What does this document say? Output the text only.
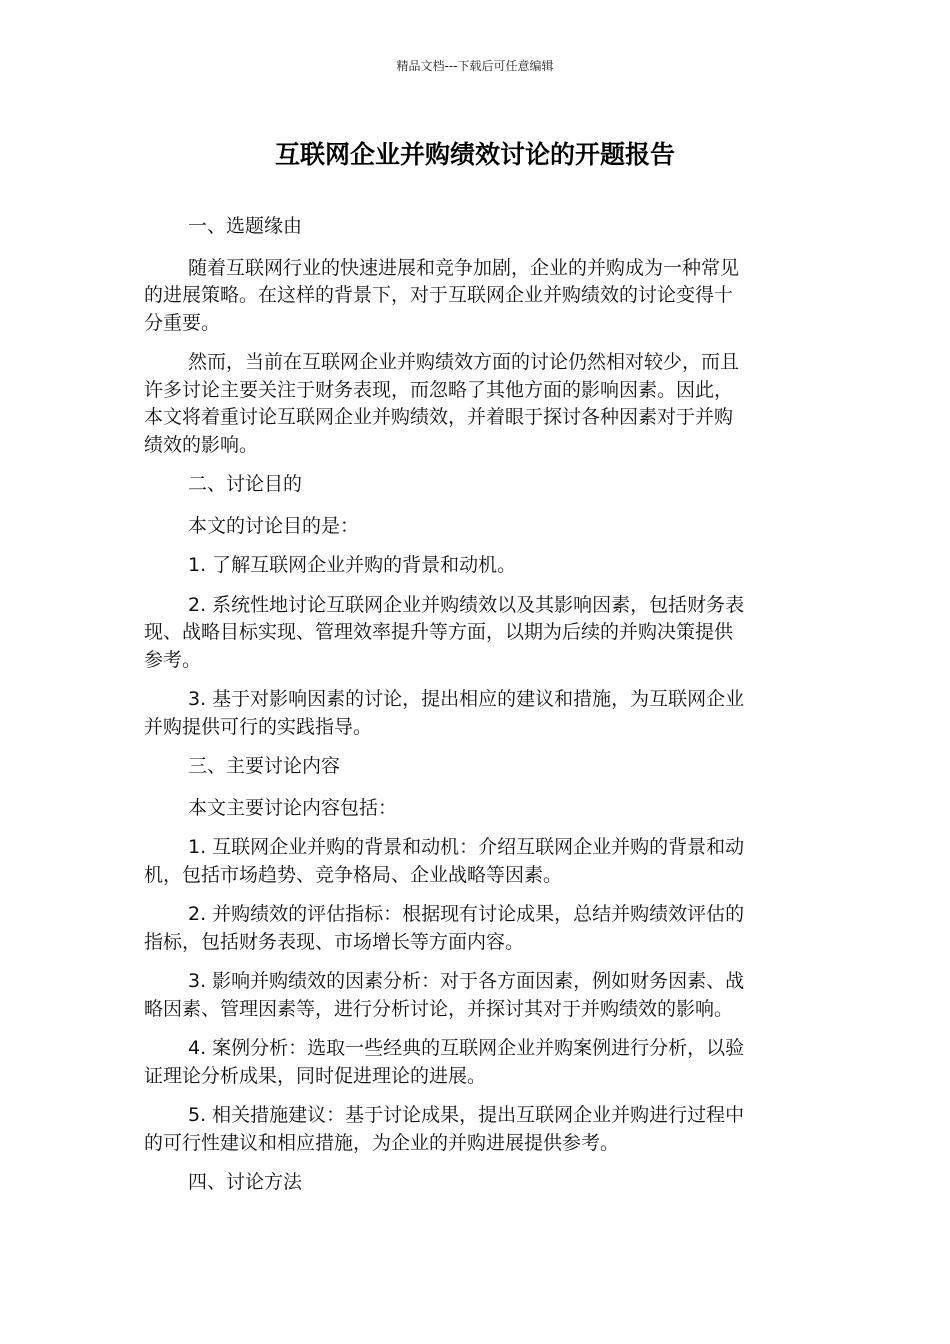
精品文档---下载后可任意编辑
互联网企业并购绩效讨论的开题报告

一、选题缘由

随着互联网行业的快速进展和竞争加剧，企业的并购成为一种常见
的进展策略。在这样的背景下，对于互联网企业并购绩效的讨论变得十
分重要。

然而，当前在互联网企业并购绩效方面的讨论仍然相对较少，而且
许多讨论主要关注于财务表现，而忽略了其他方面的影响因素。因此，
本文将着重讨论互联网企业并购绩效，并着眼于探讨各种因素对于并购
绩效的影响。

二、讨论目的

本文的讨论目的是：

1. 了解互联网企业并购的背景和动机。

2. 系统性地讨论互联网企业并购绩效以及其影响因素，包括财务表
现、战略目标实现、管理效率提升等方面，以期为后续的并购决策提供
参考。

3. 基于对影响因素的讨论，提出相应的建议和措施，为互联网企业
并购提供可行的实践指导。

三、主要讨论内容

本文主要讨论内容包括：

1. 互联网企业并购的背景和动机：介绍互联网企业并购的背景和动
机，包括市场趋势、竞争格局、企业战略等因素。

2. 并购绩效的评估指标：根据现有讨论成果，总结并购绩效评估的
指标，包括财务表现、市场增长等方面内容。

3. 影响并购绩效的因素分析：对于各方面因素，例如财务因素、战
略因素、管理因素等，进行分析讨论，并探讨其对于并购绩效的影响。

4. 案例分析：选取一些经典的互联网企业并购案例进行分析，以验
证理论分析成果，同时促进理论的进展。

5. 相关措施建议：基于讨论成果，提出互联网企业并购进行过程中
的可行性建议和相应措施，为企业的并购进展提供参考。

四、讨论方法
